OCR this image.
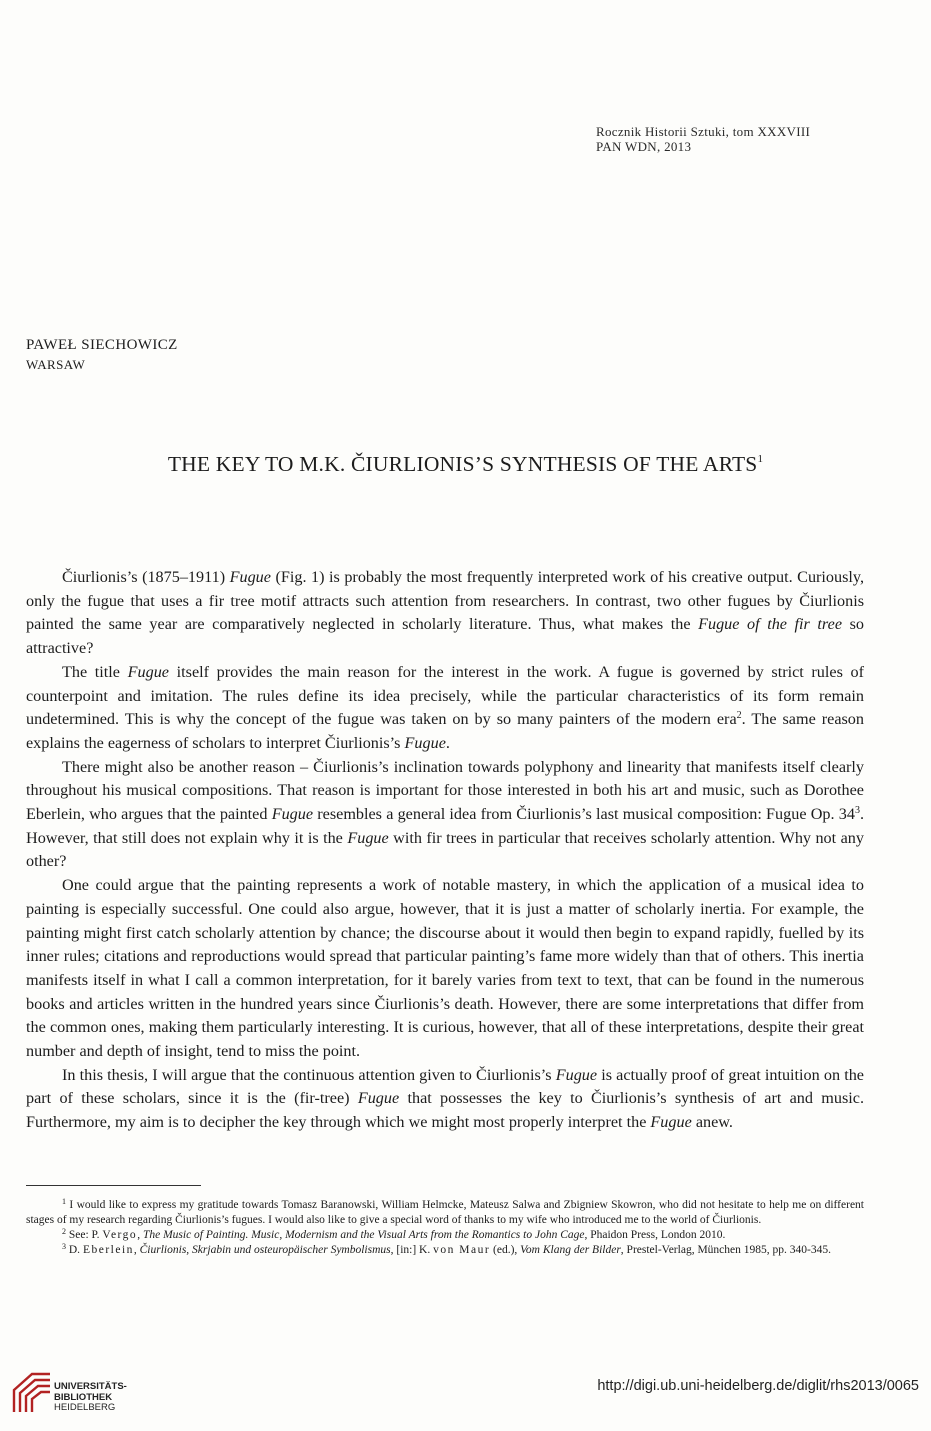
Rocznik Historii Sztuki, tom XXXVIII
PAN WDN, 2013
PAWEŁ SIECHOWICZ
WARSAW
THE KEY TO M.K. ČIURLIONIS’S SYNTHESIS OF THE ARTS$^1$

Čiurlionis’s (1875–1911) Fugue (Fig. 1) is probably the most frequently interpreted work of his creative output. Curiously, only the fugue that uses a fir tree motif attracts such attention from researchers. In contrast, two other fugues by Čiurlionis painted the same year are comparatively neglected in scholarly literature. Thus, what makes the Fugue of the fir tree so attractive?

The title Fugue itself provides the main reason for the interest in the work. A fugue is governed by strict rules of counterpoint and imitation. The rules define its idea precisely, while the particular characteristics of its form remain undetermined. This is why the concept of the fugue was taken on by so many painters of the modern era$^2$. The same reason explains the eagerness of scholars to interpret Čiurlionis’s Fugue.

There might also be another reason – Čiurlionis’s inclination towards polyphony and linearity that manifests itself clearly throughout his musical compositions. That reason is important for those interested in both his art and music, such as Dorothee Eberlein, who argues that the painted Fugue resembles a general idea from Čiurlionis’s last musical composition: Fugue Op. $34^3$. However, that still does not explain why it is the Fugue with fir trees in particular that receives scholarly attention. Why not any other?

One could argue that the painting represents a work of notable mastery, in which the application of a musical idea to painting is especially successful. One could also argue, however, that it is just a matter of scholarly inertia. For example, the painting might first catch scholarly attention by chance; the discourse about it would then begin to expand rapidly, fuelled by its inner rules; citations and reproductions would spread that particular painting’s fame more widely than that of others. This inertia manifests itself in what I call a common interpretation, for it barely varies from text to text, that can be found in the numerous books and articles written in the hundred years since Čiurlionis’s death. However, there are some interpretations that differ from the common ones, making them particularly interesting. It is curious, however, that all of these interpretations, despite their great number and depth of insight, tend to miss the point.

In this thesis, I will argue that the continuous attention given to Čiurlionis’s Fugue is actually proof of great intuition on the part of these scholars, since it is the (fir-tree) Fugue that possesses the key to Čiurlionis’s synthesis of art and music. Furthermore, my aim is to decipher the key through which we might most properly interpret the Fugue anew.

$^1$ I would like to express my gratitude towards Tomasz Baranowski, William Helmcke, Mateusz Salwa and Zbigniew Skowron, who did not hesitate to help me on different stages of my research regarding Čiurlionis’s fugues. I would also like to give a special word of thanks to my wife who introduced me to the world of Čiurlionis.

$^2$ See: P. Vergo, The Music of Painting. Music, Modernism and the Visual Arts from the Romantics to John Cage, Phaidon Press, London 2010.

$^3$ D. Eberlein, Čiurlionis, Skrjabin und osteuropäischer Symbolismus, [in:] K. von Maur (ed.), Vom Klang der Bilder, Prestel-Verlag, München 1985, pp. 340-345.

UNIVERSITÄTS-
BIBLIOTHEK
HEIDELBERG
http://digi.ub.uni-heidelberg.de/diglit/rhs2013/0065
